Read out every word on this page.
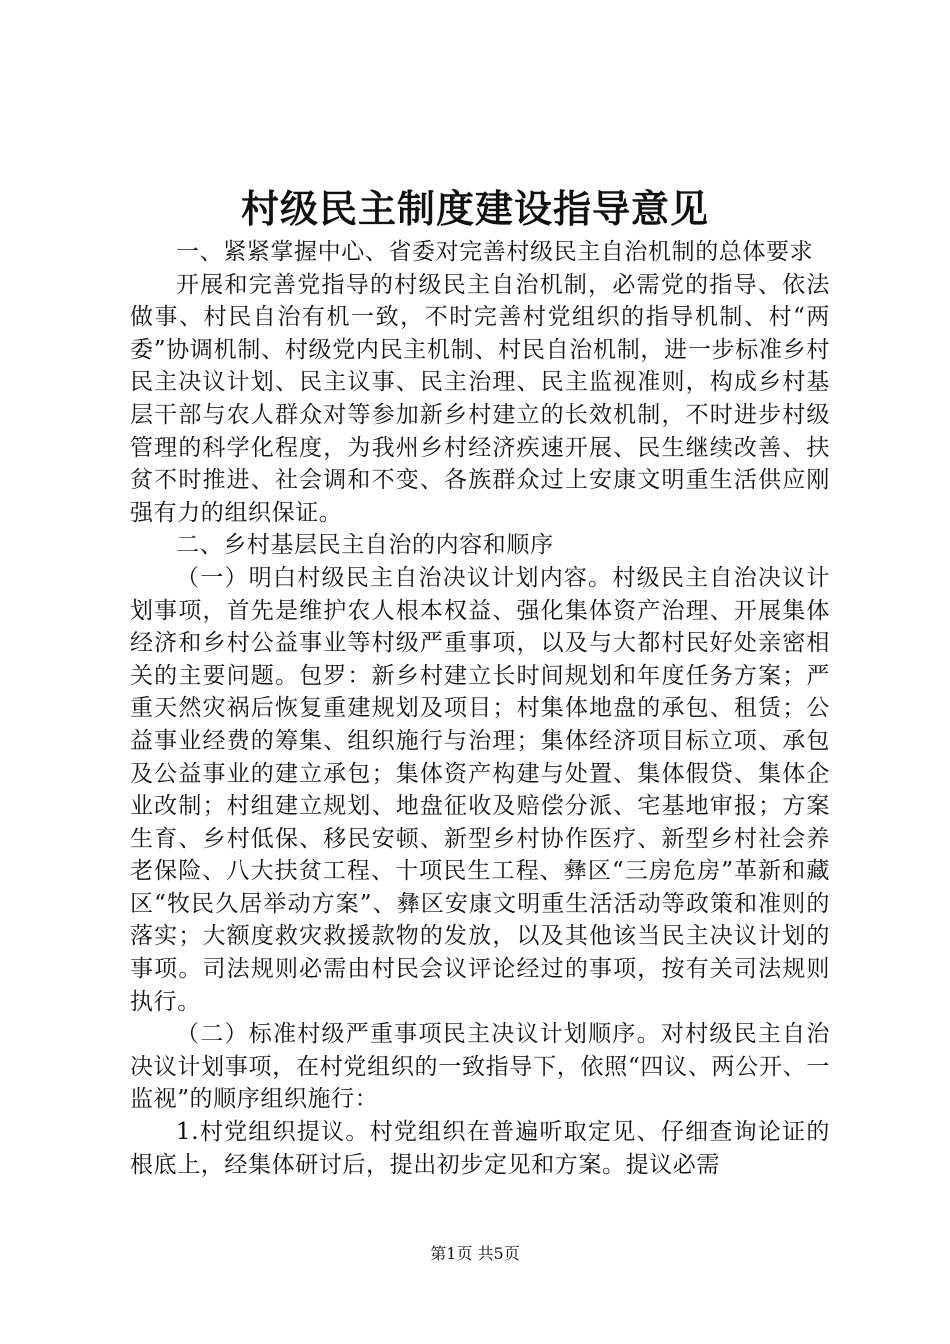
村级民主制度建设指导意见

一、紧紧掌握中心、省委对完善村级民主自治机制的总体要求

开展和完善党指导的村级民主自治机制，必需党的指导、依法做事、村民自治有机一致，不时完善村党组织的指导机制、村“两委”协调机制、村级党内民主机制、村民自治机制，进一步标准乡村民主决议计划、民主议事、民主治理、民主监视准则，构成乡村基层干部与农人群众对等参加新乡村建立的长效机制，不时进步村级管理的科学化程度，为我州乡村经济疾速开展、民生继续改善、扶贫不时推进、社会调和不变、各族群众过上安康文明重生活供应刚强有力的组织保证。

二、乡村基层民主自治的内容和顺序

（一）明白村级民主自治决议计划内容。村级民主自治决议计划事项，首先是维护农人根本权益、强化集体资产治理、开展集体经济和乡村公益事业等村级严重事项，以及与大都村民好处亲密相关的主要问题。包罗：新乡村建立长时间规划和年度任务方案；严重天然灾祸后恢复重建规划及项目；村集体地盘的承包、租赁；公益事业经费的筹集、组织施行与治理；集体经济项目标立项、承包及公益事业的建立承包；集体资产构建与处置、集体假贷、集体企业改制；村组建立规划、地盘征收及赔偿分派、宅基地审报；方案生育、乡村低保、移民安顿、新型乡村协作医疗、新型乡村社会养老保险、八大扶贫工程、十项民生工程、彝区“三房危房”革新和藏区“牧民久居举动方案”、彝区安康文明重生活活动等政策和准则的落实；大额度救灾救援款物的发放，以及其他该当民主决议计划的事项。司法规则必需由村民会议评论经过的事项，按有关司法规则执行。

（二）标准村级严重事项民主决议计划顺序。对村级民主自治决议计划事项，在村党组织的一致指导下，依照“四议、两公开、一监视”的顺序组织施行：

1.村党组织提议。村党组织在普遍听取定见、仔细查询论证的根底上，经集体研讨后，提出初步定见和方案。提议必需

第1页 共5页
